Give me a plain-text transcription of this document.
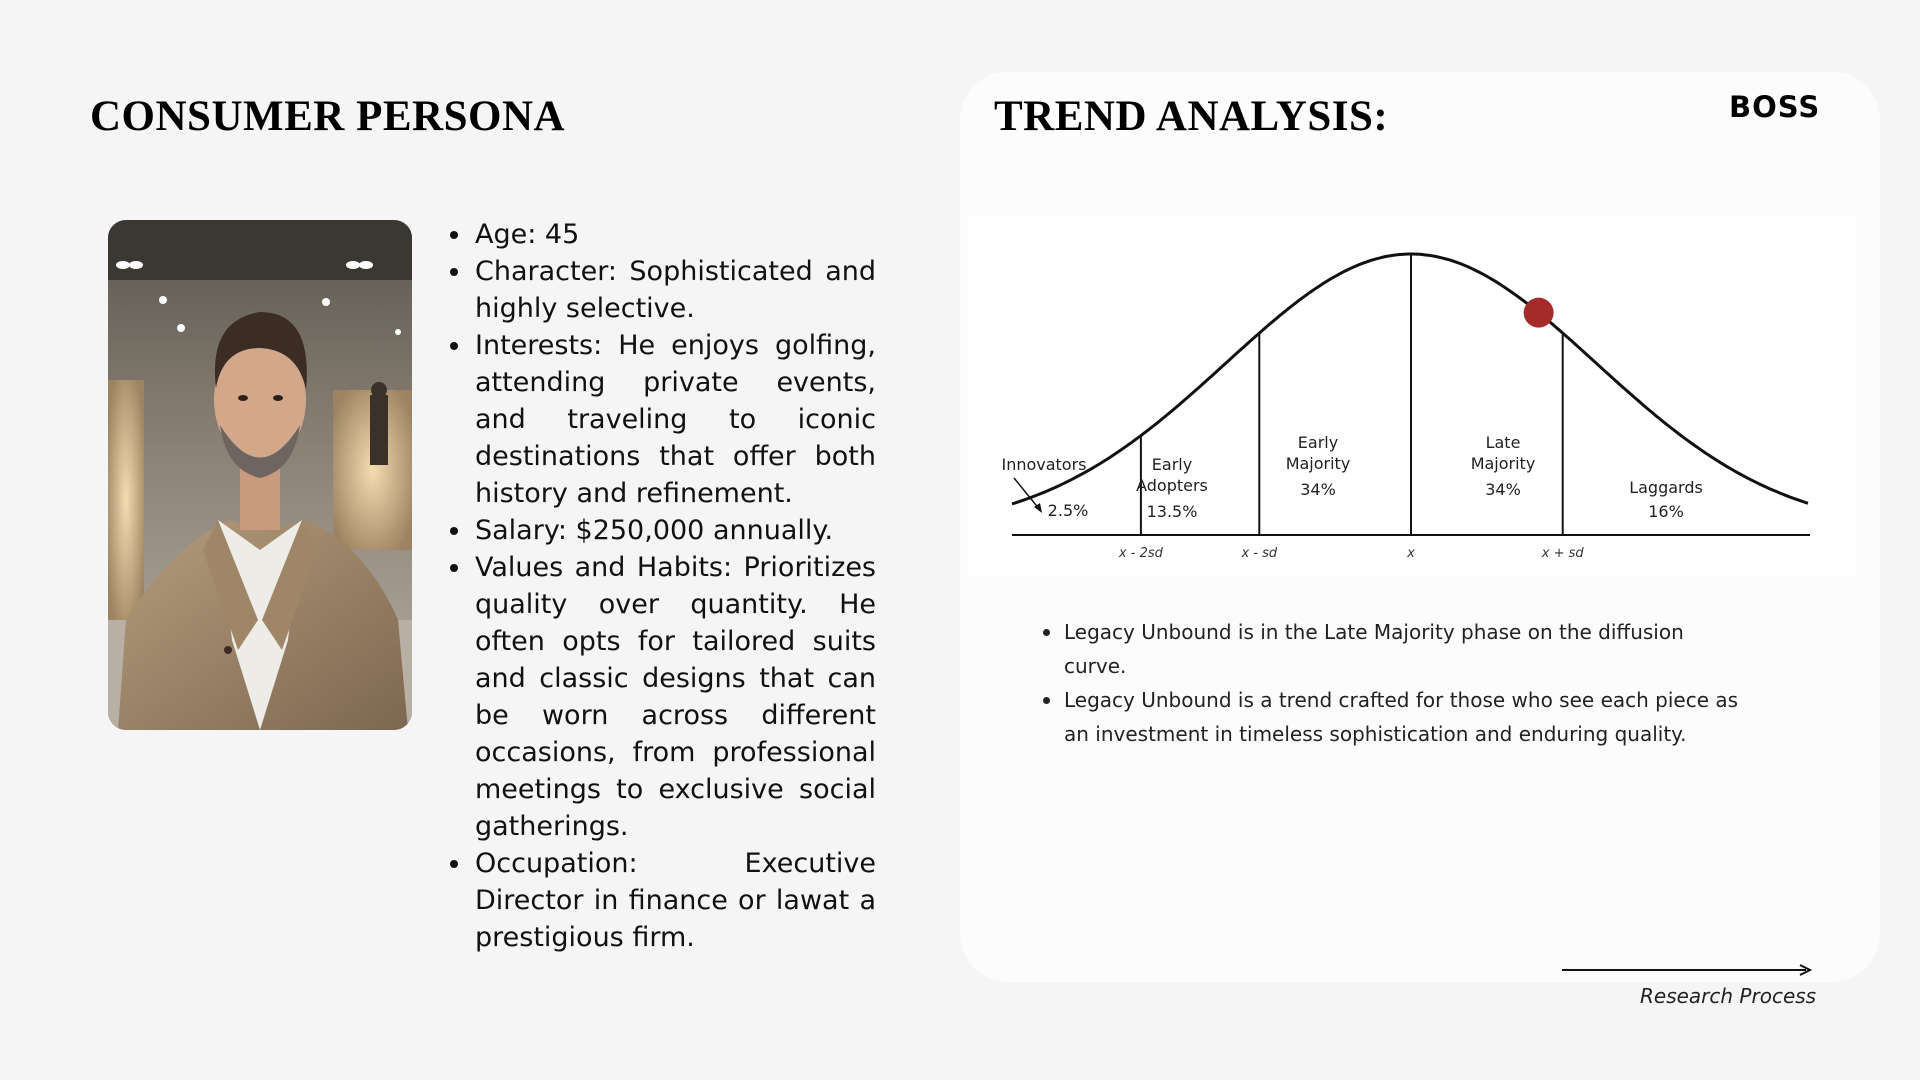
CONSUMER PERSONA
Age: 45
Character: Sophisticated and highly selective.
Interests: He enjoys golfing, attending private events, and traveling to iconic destinations that offer both history and refinement.
Salary: $250,000 annually.
Values and Habits: Prioritizes quality over quantity. He often opts for tailored suits and classic designs that can be worn across different occasions, from professional meetings to exclusive social gatherings.
Occupation: Executive Director in finance or lawat a prestigious firm.
TREND ANALYSIS:	BOSS
x - 2sd	x - sd	x	x + sd
Innovators
2.5%
Early
Adopters
13.5%
Early
Majority
34%
Late
Majority
34%	Laggards
16%
Legacy Unbound is in the Late Majority phase on the diffusion curve.
Legacy Unbound is a trend crafted for those who see each piece as an investment in timeless sophistication and enduring quality.

Research Process
